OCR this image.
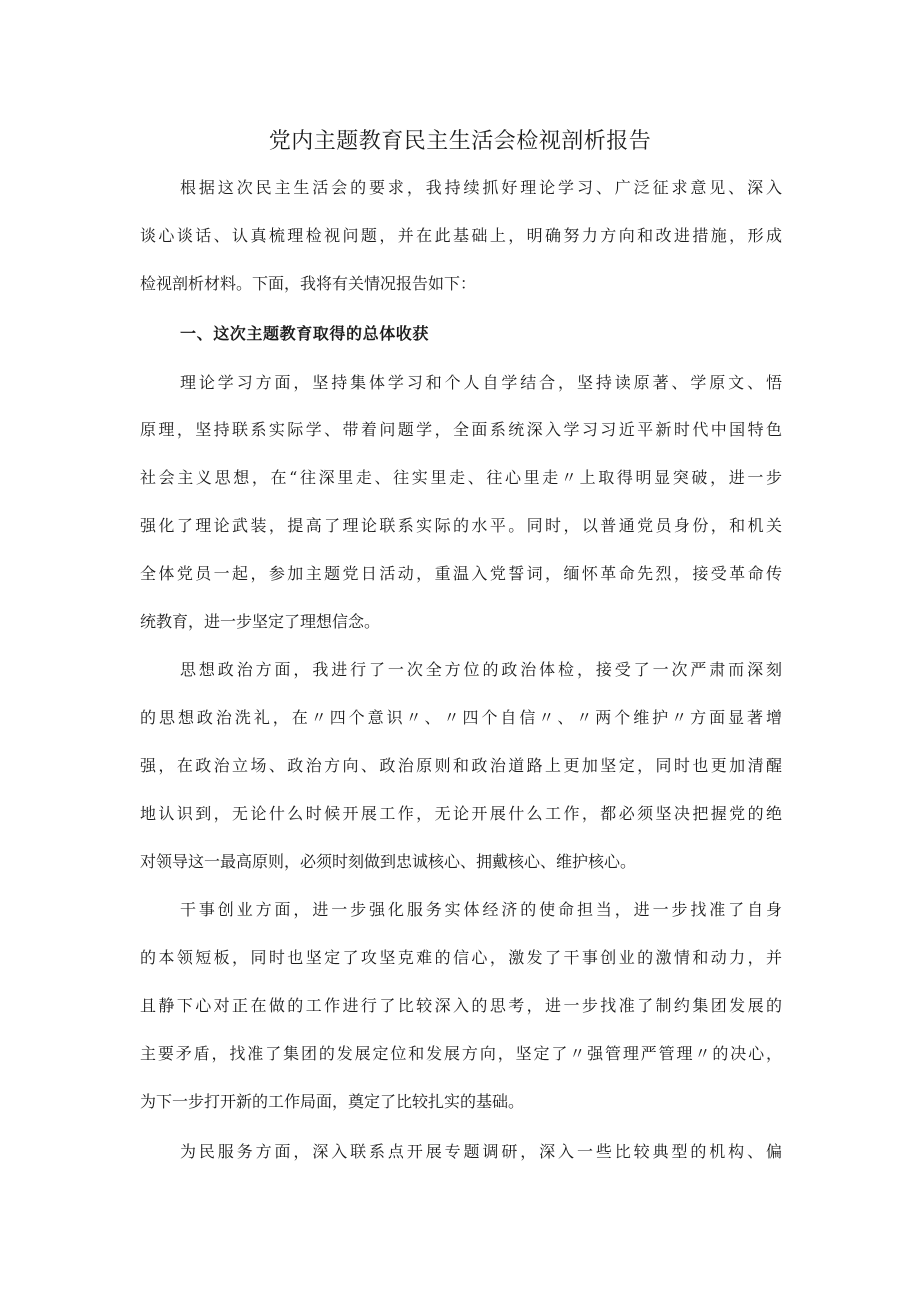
党内主题教育民主生活会检视剖析报告

根据这次民主生活会的要求，我持续抓好理论学习、广泛征求意见、深入

谈心谈话、认真梳理检视问题，并在此基础上，明确努力方向和改进措施，形成

检视剖析材料。下面，我将有关情况报告如下：

一、这次主题教育取得的总体收获

理论学习方面，坚持集体学习和个人自学结合，坚持读原著、学原文、悟

原理，坚持联系实际学、带着问题学，全面系统深入学习习近平新时代中国特色

社会主义思想，在“往深里走、往实里走、往心里走〃上取得明显突破，进一步

强化了理论武装，提高了理论联系实际的水平。同时，以普通党员身份，和机关

全体党员一起，参加主题党日活动，重温入党誓词，缅怀革命先烈，接受革命传

统教育，进一步坚定了理想信念。

思想政治方面，我进行了一次全方位的政治体检，接受了一次严肃而深刻

的思想政治洗礼，在〃四个意识〃、〃四个自信〃、〃两个维护〃方面显著增

强，在政治立场、政治方向、政治原则和政治道路上更加坚定，同时也更加清醒

地认识到，无论什么时候开展工作，无论开展什么工作，都必须坚决把握党的绝

对领导这一最高原则，必须时刻做到忠诚核心、拥戴核心、维护核心。

干事创业方面，进一步强化服务实体经济的使命担当，进一步找准了自身

的本领短板，同时也坚定了攻坚克难的信心，激发了干事创业的激情和动力，并

且静下心对正在做的工作进行了比较深入的思考，进一步找准了制约集团发展的

主要矛盾，找准了集团的发展定位和发展方向，坚定了〃强管理严管理〃的决心，

为下一步打开新的工作局面，奠定了比较扎实的基础。

为民服务方面，深入联系点开展专题调研，深入一些比较典型的机构、偏
